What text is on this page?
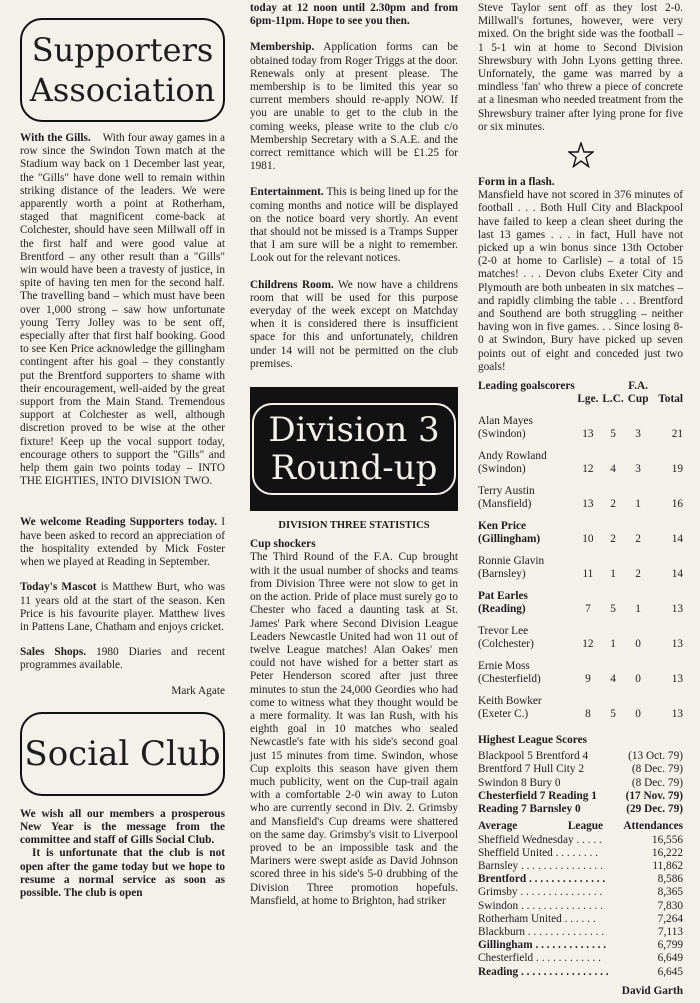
Supporters
Association

With the Gills. With four away games in a row since the Swindon Town match at the Stadium way back on 1 December last year, the "Gills" have done well to remain within striking distance of the leaders. We were apparently worth a point at Rotherham, staged that magnificent come-back at Colchester, should have seen Millwall off in the first half and were good value at Brentford – any other result than a "Gills" win would have been a travesty of justice, in spite of having ten men for the second half. The travelling band – which must have been over 1,000 strong – saw how unfortunate young Terry Jolley was to be sent off, especially after that first half booking. Good to see Ken Price acknowledge the gillingham contingent after his goal – they constantly put the Brentford supporters to shame with their encouragement, well-aided by the great support from the Main Stand. Tremendous support at Colchester as well, although discretion proved to be wise at the other fixture! Keep up the vocal support today, encourage others to support the "Gills" and help them gain two points today – INTO THE EIGHTIES, INTO DIVISION TWO.

We welcome Reading Supporters today. I have been asked to record an appreciation of the hospitality extended by Mick Foster when we played at Reading in September.

Today's Mascot is Matthew Burt, who was 11 years old at the start of the season. Ken Price is his favourite player. Matthew lives in Pattens Lane, Chatham and enjoys cricket.

Sales Shops. 1980 Diaries and recent programmes available.

Mark Agate

Social Club

We wish all our members a prosperous New Year is the message from the committee and staff of Gills Social Club.

It is unfortunate that the club is not open after the game today but we hope to resume a normal service as soon as possible. The club is open

today at 12 noon until 2.30pm and from 6pm-11pm. Hope to see you then.

Membership. Application forms can be obtained today from Roger Triggs at the door. Renewals only at present please. The membership is to be limited this year so current members should re-apply NOW. If you are unable to get to the club in the coming weeks, please write to the club c/o Membership Secretary with a S.A.E. and the correct remittance which will be £1.25 for 1981.

Entertainment. This is being lined up for the coming months and notice will be displayed on the notice board very shortly. An event that should not be missed is a Tramps Supper that I am sure will be a night to remember. Look out for the relevant notices.

Childrens Room. We now have a childrens room that will be used for this purpose everyday of the week except on Matchday when it is considered there is insufficient space for this and unfortunately, children under 14 will not be permitted on the club premises.

Division 3
Round-up

DIVISION THREE STATISTICS

Cup shockers

The Third Round of the F.A. Cup brought with it the usual number of shocks and teams from Division Three were not slow to get in on the action. Pride of place must surely go to Chester who faced a daunting task at St. James' Park where Second Division League Leaders Newcastle United had won 11 out of twelve League matches! Alan Oakes' men could not have wished for a better start as Peter Henderson scored after just three minutes to stun the 24,000 Geordies who had come to witness what they thought would be a mere formality. It was Ian Rush, with his eighth goal in 10 matches who sealed Newcastle's fate with his side's second goal just 15 minutes from time. Swindon, whose Cup exploits this season have given them much publicity, went on the Cup-trail again with a comfortable 2-0 win away to Luton who are currently second in Div. 2. Grimsby and Mansfield's Cup dreams were shattered on the same day. Grimsby's visit to Liverpool proved to be an impossible task and the Mariners were swept aside as David Johnson scored three in his side's 5-0 drubbing of the Division Three promotion hopefuls. Mansfield, at home to Brighton, had striker

Steve Taylor sent off as they lost 2-0. Millwall's fortunes, however, were very mixed. On the bright side was the football – 1 5-1 win at home to Second Division Shrewsbury with John Lyons getting three. Unfornately, the game was marred by a mindless 'fan' who threw a piece of concrete at a linesman who needed treatment from the Shrewsbury trainer after lying prone for five or six minutes.

Form in a flash.

Mansfield have not scored in 376 minutes of football . . . Both Hull City and Blackpool have failed to keep a clean sheet during the last 13 games . . . in fact, Hull have not picked up a win bonus since 13th October (2-0 at home to Carlisle) – a total of 15 matches! . . . Devon clubs Exeter City and Plymouth are both unbeaten in six matches – and rapidly climbing the table . . . Brentford and Southend are both struggling – neither having won in five games. . . Since losing 8-0 at Swindon, Bury have picked up seven points out of eight and conceded just two goals!

Leading goalscorers			F.A.	
	Lge.	L.C.	Cup	Total
Alan Mayes				
(Swindon)	13	5	3	21
Andy Rowland				
(Swindon)	12	4	3	19
Terry Austin				
(Mansfield)	13	2	1	16
Ken Price				
(Gillingham)	10	2	2	14
Ronnie Glavin				
(Barnsley)	11	1	2	14
Pat Earles				
(Reading)	7	5	1	13
Trevor Lee				
(Colchester)	12	1	0	13
Ernie Moss				
(Chesterfield)	9	4	0	13
Keith Bowker				
(Exeter C.)	8	5	0	13

Highest League Scores

Blackpool 5 Brentford 4	(13 Oct. 79)
Brentford 7 Hull City 2	(8 Dec. 79)
Swindon 8 Bury 0	(8 Dec. 79)
Chesterfield 7 Reading 1	(17 Nov. 79)
Reading 7 Barnsley 0	(29 Dec. 79)
Average	League	Attendances
Sheffield Wednesday . . . . .		16,556
Sheffield United . . . . . . . .		16,222
Barnsley . . . . . . . . . . . . . . .		11,862
Brentford . . . . . . . . . . . . . .		8,586
Grimsby . . . . . . . . . . . . . . .		8,365
Swindon . . . . . . . . . . . . . . .		7,830
Rotherham United . . . . . .		7,264
Blackburn . . . . . . . . . . . . . .		7,113
Gillingham . . . . . . . . . . . . .		6,799
Chesterfield . . . . . . . . . . . .		6,649
Reading . . . . . . . . . . . . . . . .		6,645

David Garth
